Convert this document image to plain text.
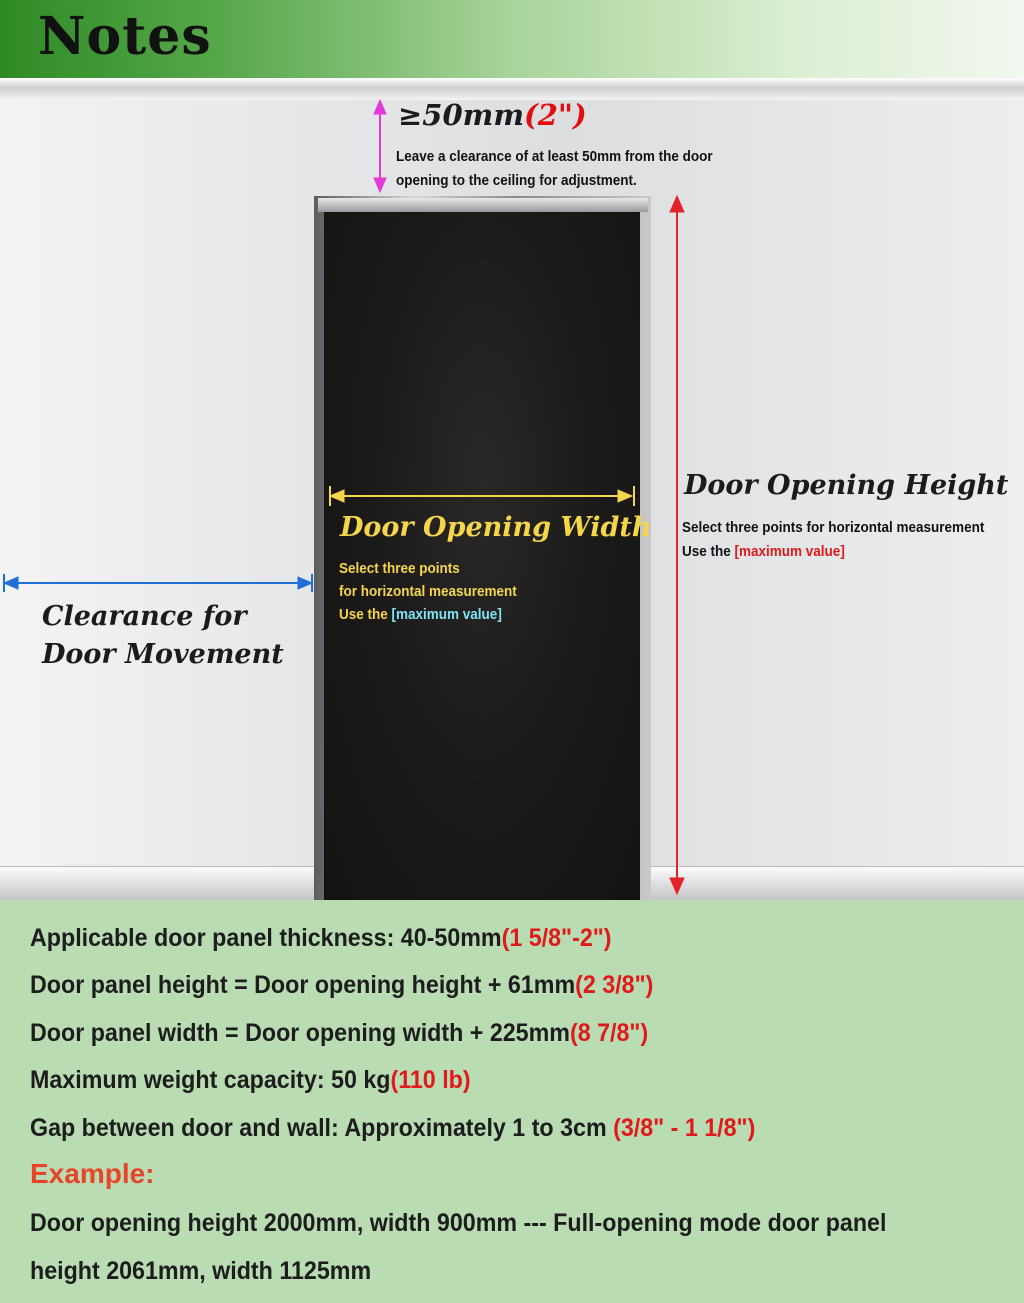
Notes
≥50mm(2")
Leave a clearance of at least 50mm from the door
opening to the ceiling for adjustment.
Door Opening Height
Select three points for horizontal measurement
Use the [maximum value]
Door Opening Width
Select three points
for horizontal measurement
Use the [maximum value]
Clearance for
Door Movement
Applicable door panel thickness: 40-50mm(1 5/8"-2")
Door panel height = Door opening height + 61mm(2 3/8")
Door panel width = Door opening width + 225mm(8 7/8")
Maximum weight capacity: 50 kg(110 lb)
Gap between door and wall: Approximately 1 to 3cm (3/8" - 1 1/8")
Example:
Door opening height 2000mm, width 900mm --- Full-opening mode door panel
height 2061mm, width 1125mm
